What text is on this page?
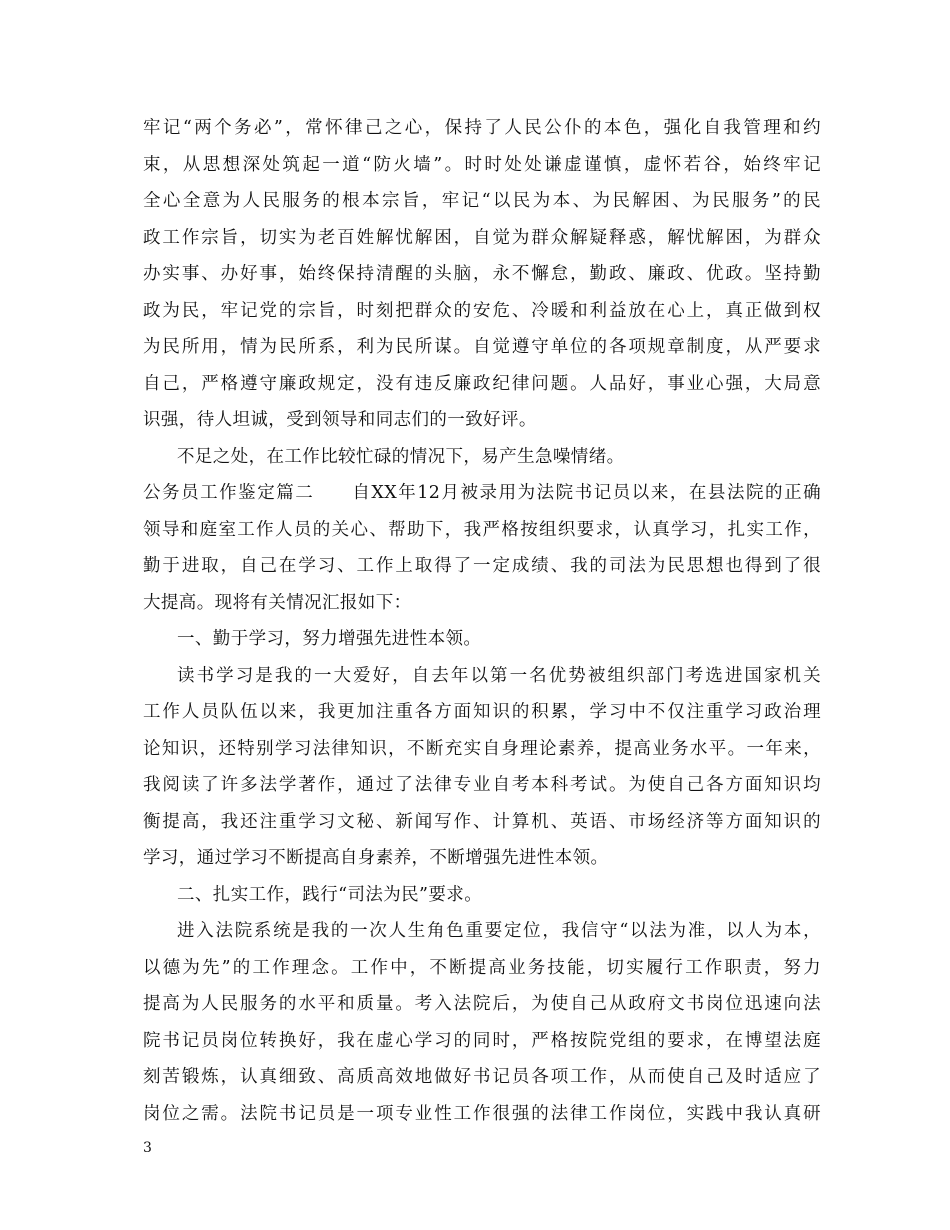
牢记“两个务必”，常怀律己之心，保持了人民公仆的本色，强化自我管理和约
束，从思想深处筑起一道“防火墙”。时时处处谦虚谨慎，虚怀若谷，始终牢记
全心全意为人民服务的根本宗旨，牢记“以民为本、为民解困、为民服务”的民
政工作宗旨，切实为老百姓解忧解困，自觉为群众解疑释惑，解忧解困，为群众
办实事、办好事，始终保持清醒的头脑，永不懈怠，勤政、廉政、优政。坚持勤
政为民，牢记党的宗旨，时刻把群众的安危、冷暖和利益放在心上，真正做到权
为民所用，情为民所系，利为民所谋。自觉遵守单位的各项规章制度，从严要求
自己，严格遵守廉政规定，没有违反廉政纪律问题。人品好，事业心强，大局意
识强，待人坦诚，受到领导和同志们的一致好评。
不足之处，在工作比较忙碌的情况下，易产生急噪情绪。
公务员工作鉴定篇二　　自XX年12月被录用为法院书记员以来，在县法院的正确
领导和庭室工作人员的关心、帮助下，我严格按组织要求，认真学习，扎实工作，
勤于进取，自己在学习、工作上取得了一定成绩、我的司法为民思想也得到了很
大提高。现将有关情况汇报如下：
一、勤于学习，努力增强先进性本领。
读书学习是我的一大爱好，自去年以第一名优势被组织部门考选进国家机关
工作人员队伍以来，我更加注重各方面知识的积累，学习中不仅注重学习政治理
论知识，还特别学习法律知识，不断充实自身理论素养，提高业务水平。一年来，
我阅读了许多法学著作，通过了法律专业自考本科考试。为使自己各方面知识均
衡提高，我还注重学习文秘、新闻写作、计算机、英语、市场经济等方面知识的
学习，通过学习不断提高自身素养，不断增强先进性本领。
二、扎实工作，践行“司法为民”要求。
进入法院系统是我的一次人生角色重要定位，我信守“以法为准，以人为本，
以德为先”的工作理念。工作中，不断提高业务技能，切实履行工作职责，努力
提高为人民服务的水平和质量。考入法院后，为使自己从政府文书岗位迅速向法
院书记员岗位转换好，我在虚心学习的同时，严格按院党组的要求，在博望法庭
刻苦锻炼，认真细致、高质高效地做好书记员各项工作，从而使自己及时适应了
岗位之需。法院书记员是一项专业性工作很强的法律工作岗位，实践中我认真研
3
